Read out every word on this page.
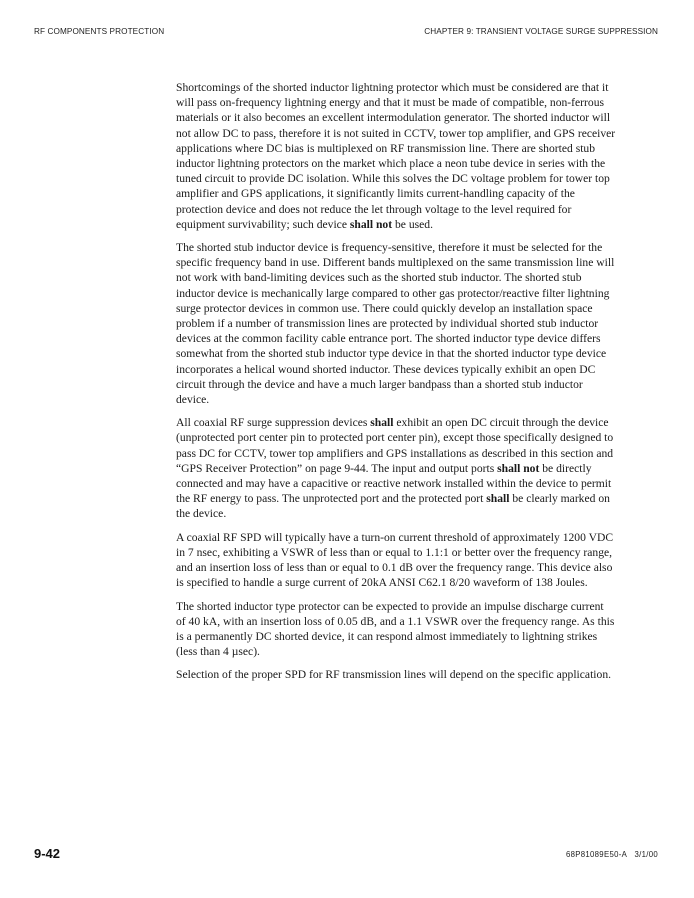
RF COMPONENTS PROTECTION	CHAPTER 9: TRANSIENT VOLTAGE SURGE SUPPRESSION

Shortcomings of the shorted inductor lightning protector which must be considered are that it will pass on-frequency lightning energy and that it must be made of compatible, non-ferrous materials or it also becomes an excellent intermodulation generator. The shorted inductor will not allow DC to pass, therefore it is not suited in CCTV, tower top amplifier, and GPS receiver applications where DC bias is multiplexed on RF transmission line. There are shorted stub inductor lightning protectors on the market which place a neon tube device in series with the tuned circuit to provide DC isolation. While this solves the DC voltage problem for tower top amplifier and GPS applications, it significantly limits current-handling capacity of the protection device and does not reduce the let through voltage to the level required for equipment survivability; such device shall not be used.

The shorted stub inductor device is frequency-sensitive, therefore it must be selected for the specific frequency band in use. Different bands multiplexed on the same transmission line will not work with band-limiting devices such as the shorted stub inductor. The shorted stub inductor device is mechanically large compared to other gas protector/reactive filter lightning surge protector devices in common use. There could quickly develop an installation space problem if a number of transmission lines are protected by individual shorted stub inductor devices at the common facility cable entrance port. The shorted inductor type device differs somewhat from the shorted stub inductor type device in that the shorted inductor type device incorporates a helical wound shorted inductor. These devices typically exhibit an open DC circuit through the device and have a much larger bandpass than a shorted stub inductor device.

All coaxial RF surge suppression devices shall exhibit an open DC circuit through the device (unprotected port center pin to protected port center pin), except those specifically designed to pass DC for CCTV, tower top amplifiers and GPS installations as described in this section and “GPS Receiver Protection” on page 9-44. The input and output ports shall not be directly connected and may have a capacitive or reactive network installed within the device to permit the RF energy to pass. The unprotected port and the protected port shall be clearly marked on the device.

A coaxial RF SPD will typically have a turn-on current threshold of approximately 1200 VDC in 7 nsec, exhibiting a VSWR of less than or equal to 1.1:1 or better over the frequency range, and an insertion loss of less than or equal to 0.1 dB over the frequency range. This device also is specified to handle a surge current of 20kA ANSI C62.1 8/20 waveform of 138 Joules.

The shorted inductor type protector can be expected to provide an impulse discharge current of 40 kA, with an insertion loss of 0.05 dB, and a 1.1 VSWR over the frequency range. As this is a permanently DC shorted device, it can respond almost immediately to lightning strikes (less than 4 µsec).

Selection of the proper SPD for RF transmission lines will depend on the specific application.

9-42	68P81089E50-A 3/1/00
